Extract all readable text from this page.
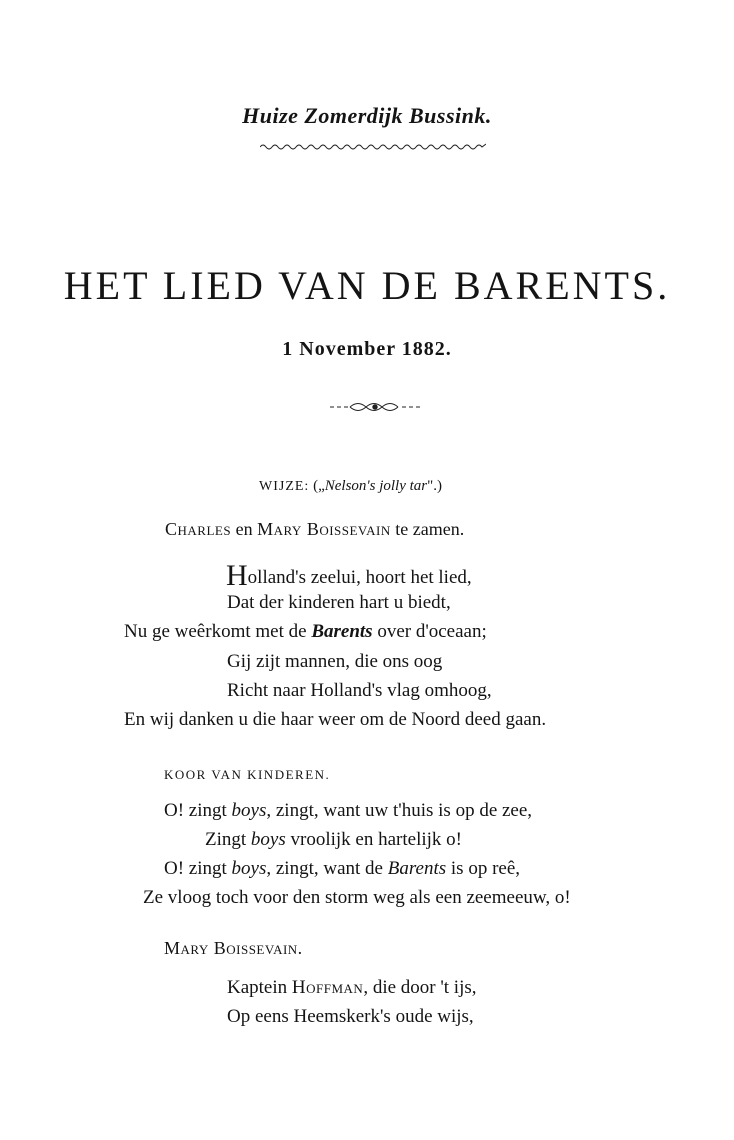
Huize Zomerdijk Bussink.
HET LIED VAN DE BARENTS.
1 November 1882.
WIJZE: („Nelson's jolly tar".)
Charles en Mary Boissevain te zamen.
Holland's zeelui, hoort het lied,
Dat der kinderen hart u biedt,
Nu ge weêrkomt met de Barents over d'oceaan;
Gij zijt mannen, die ons oog
Richt naar Holland's vlag omhoog,
En wij danken u die haar weer om de Noord deed gaan.
KOOR VAN KINDEREN.
O! zingt boys, zingt, want uw t'huis is op de zee,
Zingt boys vroolijk en hartelijk o!
O! zingt boys, zingt, want de Barents is op reê,
Ze vloog toch voor den storm weg als een zeemeeuw, o!
Mary Boissevain.
Kaptein Hoffman, die door 't ijs,
Op eens Heemskerk's oude wijs,
